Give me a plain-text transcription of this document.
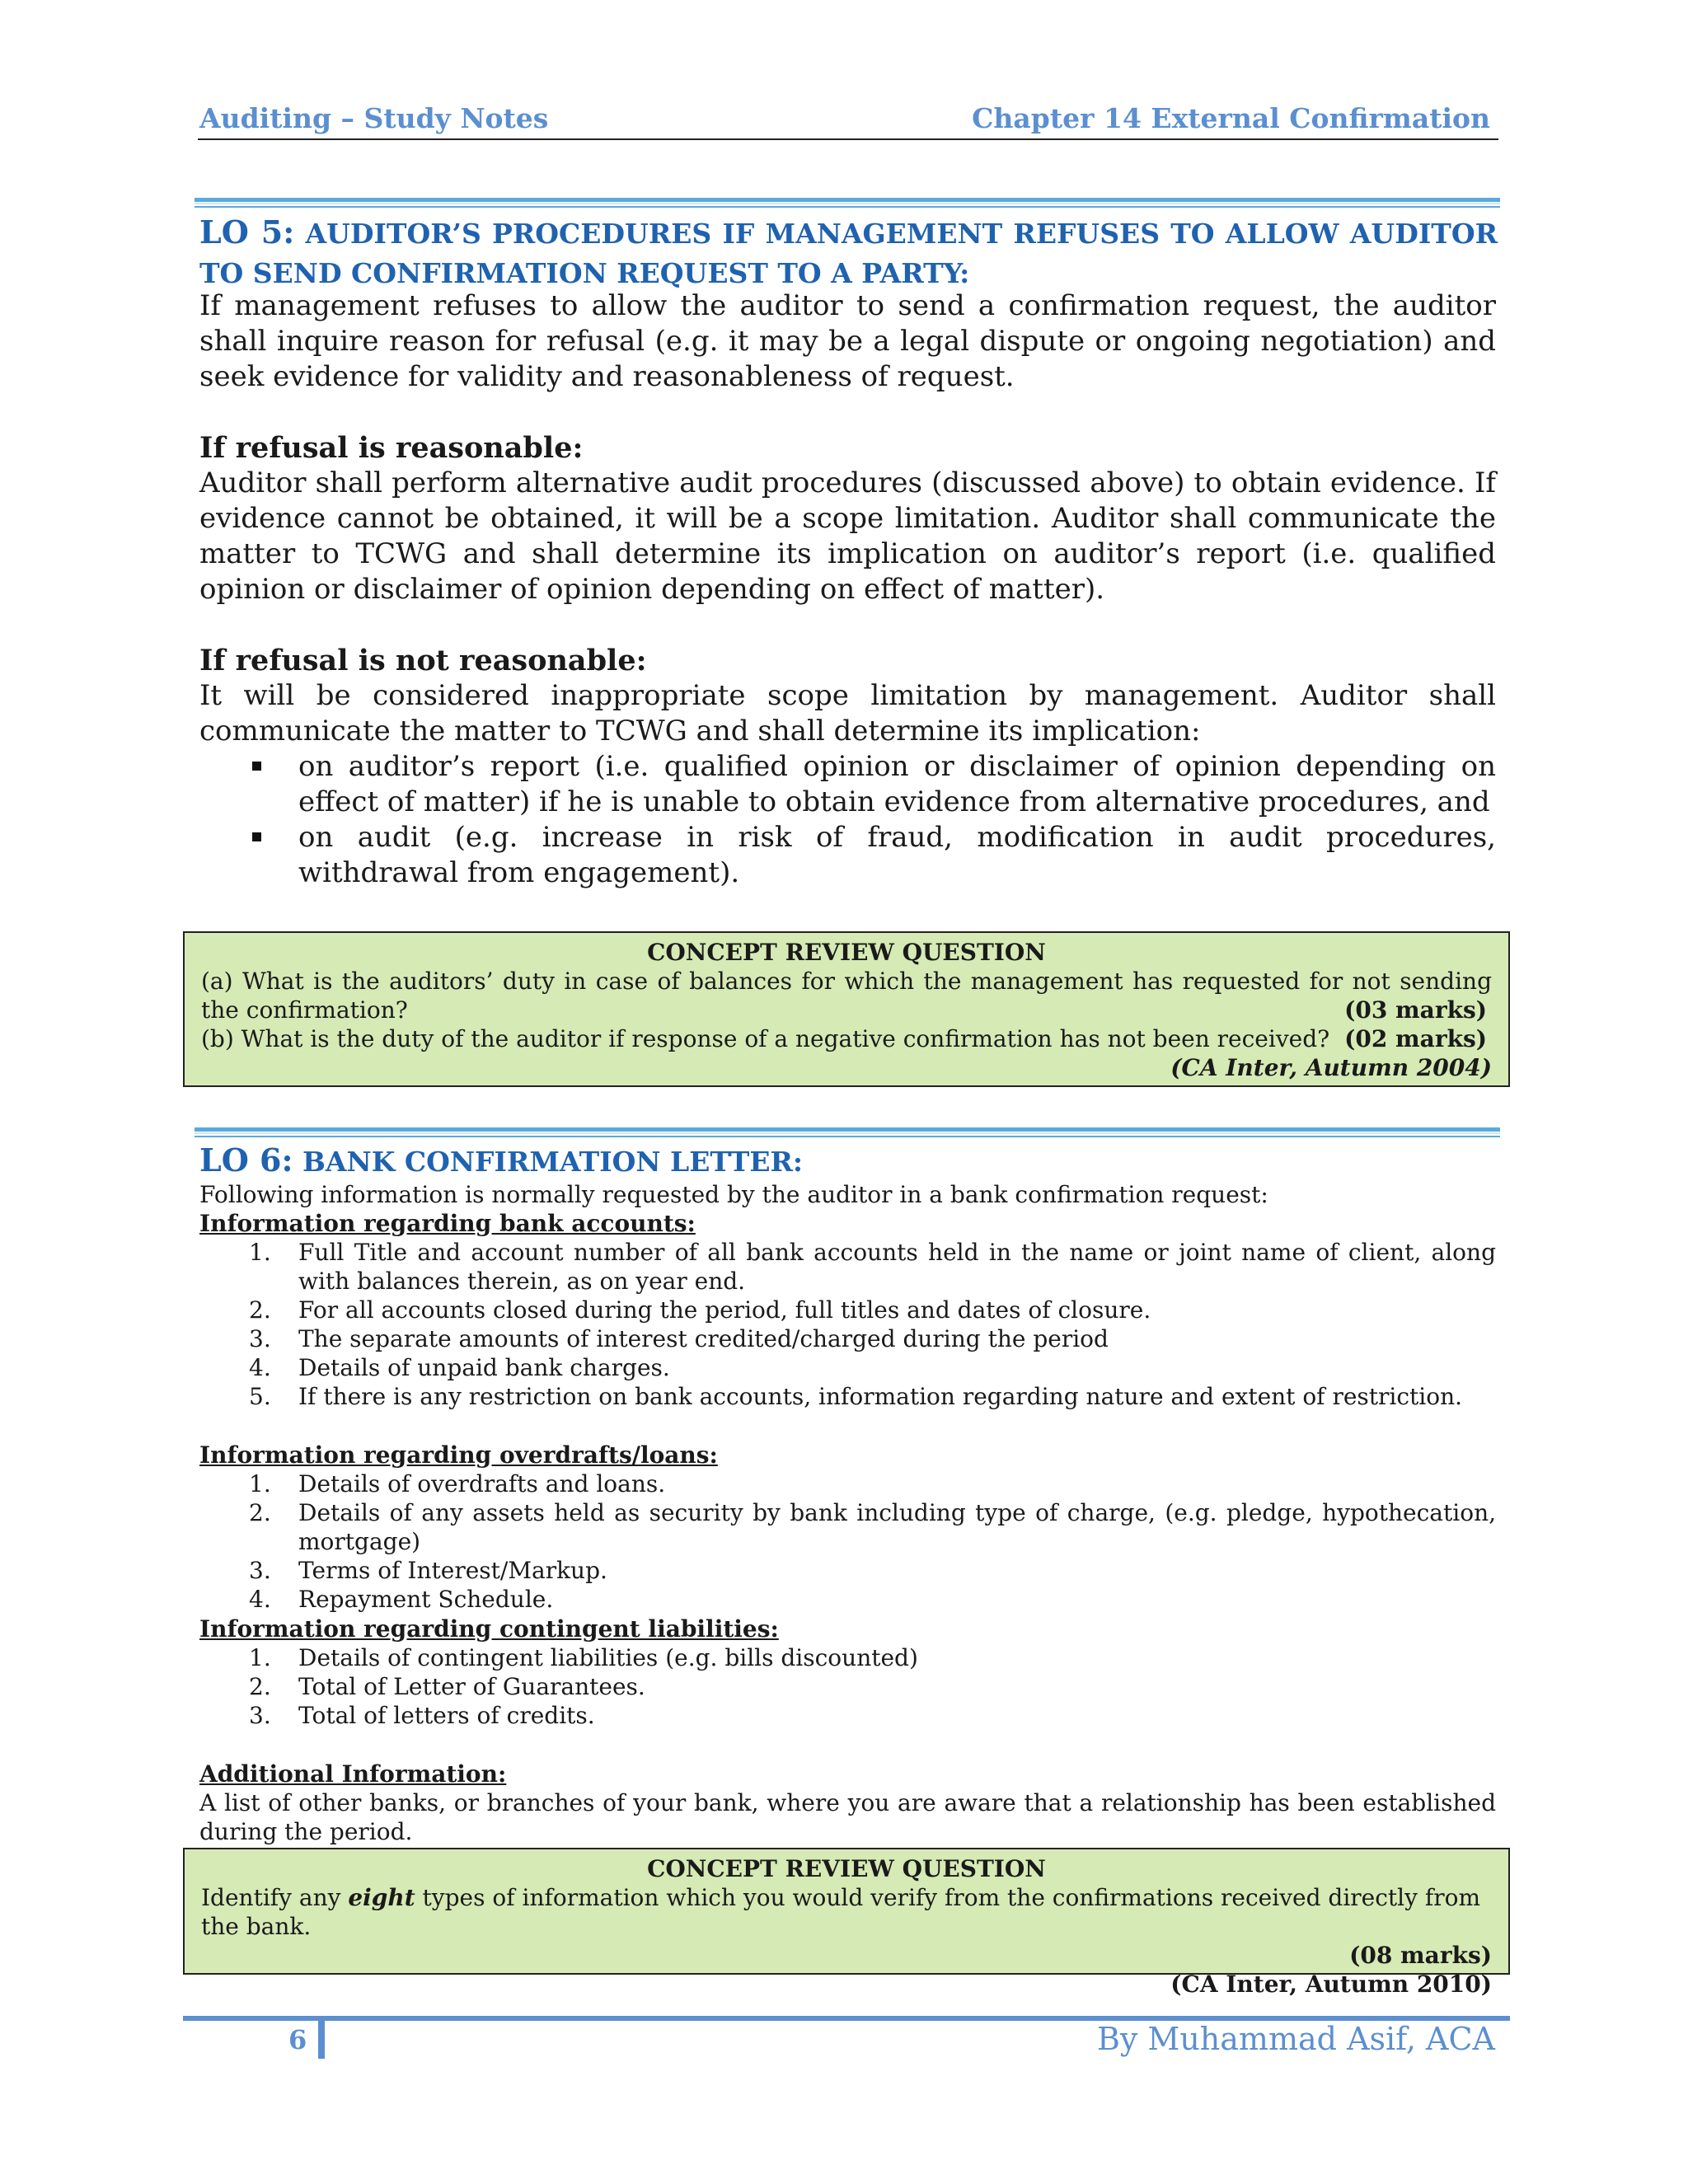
Auditing – Study Notes	Chapter 14 External Confirmation
LO 5: AUDITOR’S PROCEDURES IF MANAGEMENT REFUSES TO ALLOW AUDITOR TO SEND CONFIRMATION REQUEST TO A PARTY:
If management refuses to allow the auditor to send a confirmation request, the auditor shall inquire reason for refusal (e.g. it may be a legal dispute or ongoing negotiation) and seek evidence for validity and reasonableness of request.
If refusal is reasonable:
Auditor shall perform alternative audit procedures (discussed above) to obtain evidence. If evidence cannot be obtained, it will be a scope limitation. Auditor shall communicate the matter to TCWG and shall determine its implication on auditor’s report (i.e. qualified opinion or disclaimer of opinion depending on effect of matter).
If refusal is not reasonable:
It will be considered inappropriate scope limitation by management. Auditor shall communicate the matter to TCWG and shall determine its implication:
on auditor’s report (i.e. qualified opinion or disclaimer of opinion depending on effect of matter) if he is unable to obtain evidence from alternative procedures, and
on audit (e.g. increase in risk of fraud, modification in audit procedures, withdrawal from engagement).
CONCEPT REVIEW QUESTION
(a) What is the auditors’ duty in case of balances for which the management has requested for not sending the confirmation?	(03 marks)
(b) What is the duty of the auditor if response of a negative confirmation has not been received? (02 marks)
(CA Inter, Autumn 2004)
LO 6: BANK CONFIRMATION LETTER:
Following information is normally requested by the auditor in a bank confirmation request:
Information regarding bank accounts:
1.	Full Title and account number of all bank accounts held in the name or joint name of client, along with balances therein, as on year end.
2.	For all accounts closed during the period, full titles and dates of closure.
3.	The separate amounts of interest credited/charged during the period
4.	Details of unpaid bank charges.
5.	If there is any restriction on bank accounts, information regarding nature and extent of restriction.
Information regarding overdrafts/loans:
1.	Details of overdrafts and loans.
2.	Details of any assets held as security by bank including type of charge, (e.g. pledge, hypothecation, mortgage)
3.	Terms of Interest/Markup.
4.	Repayment Schedule.
Information regarding contingent liabilities:
1.	Details of contingent liabilities (e.g. bills discounted)
2.	Total of Letter of Guarantees.
3.	Total of letters of credits.
Additional Information:
A list of other banks, or branches of your bank, where you are aware that a relationship has been established during the period.
CONCEPT REVIEW QUESTION
Identify any eight types of information which you would verify from the confirmations received directly from the bank.
(08 marks)
(CA Inter, Autumn 2010)
6	By Muhammad Asif, ACA
